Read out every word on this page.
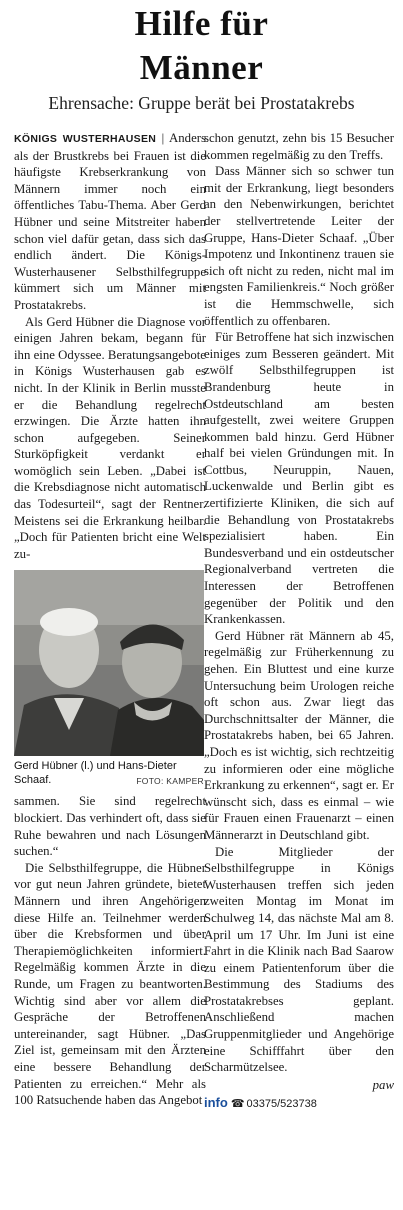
Hilfe für
Männer
Ehrensache: Gruppe berät bei Prostatakrebs

KÖNIGS WUSTERHAUSEN | Anders als der Brustkrebs bei Frauen ist die häufigste Krebserkrankung von Männern immer noch ein öffentliches Tabu-Thema. Aber Gerd Hübner und seine Mitstreiter haben schon viel dafür getan, dass sich das endlich ändert. Die Königs-Wusterhausener Selbsthilfegruppe kümmert sich um Männer mit Prostatakrebs.

Als Gerd Hübner die Diagnose vor einigen Jahren bekam, begann für ihn eine Odyssee. Beratungsangebote in Königs Wusterhausen gab es nicht. In der Klinik in Berlin musste er die Behandlung regelrecht erzwingen. Die Ärzte hatten ihn schon aufgegeben. Seiner Sturköpfigkeit verdankt er womöglich sein Leben. „Dabei ist die Krebsdiagnose nicht automatisch das Todesurteil“, sagt der Rentner. Meistens sei die Erkrankung heilbar. „Doch für Patienten bricht eine Welt zu-

Gerd Hübner (l.) und Hans-Dieter Schaaf.	FOTO: KAMPER

sammen. Sie sind regelrecht blockiert. Das verhindert oft, dass sie Ruhe bewahren und nach Lösungen suchen.“

Die Selbsthilfegruppe, die Hübner vor gut neun Jahren gründete, bietet Männern und ihren Angehörigen diese Hilfe an. Teilnehmer werden über die Krebsformen und über Therapiemöglichkeiten informiert. Regelmäßig kommen Ärzte in die Runde, um Fragen zu beantworten. Wichtig sind aber vor allem die Gespräche der Betroffenen untereinander, sagt Hübner. „Das Ziel ist, gemeinsam mit den Ärzten eine bessere Behandlung der Patienten zu erreichen.“ Mehr als 100 Ratsuchende haben das Angebot

schon genutzt, zehn bis 15 Besucher kommen regelmäßig zu den Treffs.

Dass Männer sich so schwer tun mit der Erkrankung, liegt besonders an den Nebenwirkungen, berichtet der stellvertretende Leiter der Gruppe, Hans-Dieter Schaaf. „Über Impotenz und Inkontinenz trauen sie sich oft nicht zu reden, nicht mal im engsten Familienkreis.“ Noch größer ist die Hemmschwelle, sich öffentlich zu offenbaren.

Für Betroffene hat sich inzwischen einiges zum Besseren geändert. Mit zwölf Selbsthilfegruppen ist Brandenburg heute in Ostdeutschland am besten aufgestellt, zwei weitere Gruppen kommen bald hinzu. Gerd Hübner half bei vielen Gründungen mit. In Cottbus, Neuruppin, Nauen, Luckenwalde und Berlin gibt es zertifizierte Kliniken, die sich auf die Behandlung von Prostatakrebs spezialisiert haben. Ein Bundesverband und ein ostdeutscher Regionalverband vertreten die Interessen der Betroffenen gegenüber der Politik und den Krankenkassen.

Gerd Hübner rät Männern ab 45, regelmäßig zur Früherkennung zu gehen. Ein Bluttest und eine kurze Untersuchung beim Urologen reiche oft schon aus. Zwar liegt das Durchschnittsalter der Männer, die Prostatakrebs haben, bei 65 Jahren. „Doch es ist wichtig, sich rechtzeitig zu informieren oder eine mögliche Erkrankung zu erkennen“, sagt er. Er wünscht sich, dass es einmal – wie für Frauen einen Frauenarzt – einen Männerarzt in Deutschland gibt.

Die Mitglieder der Selbsthilfegruppe in Königs Wusterhausen treffen sich jeden zweiten Montag im Monat im Schulweg 14, das nächste Mal am 8. April um 17 Uhr. Im Juni ist eine Fahrt in die Klinik nach Bad Saarow zu einem Patientenforum über die Bestimmung des Stadiums des Prostatakrebses geplant. Anschließend machen Gruppenmitglieder und Angehörige eine Schifffahrt über den Scharmützelsee.

paw
info ☎ 03375/523738
